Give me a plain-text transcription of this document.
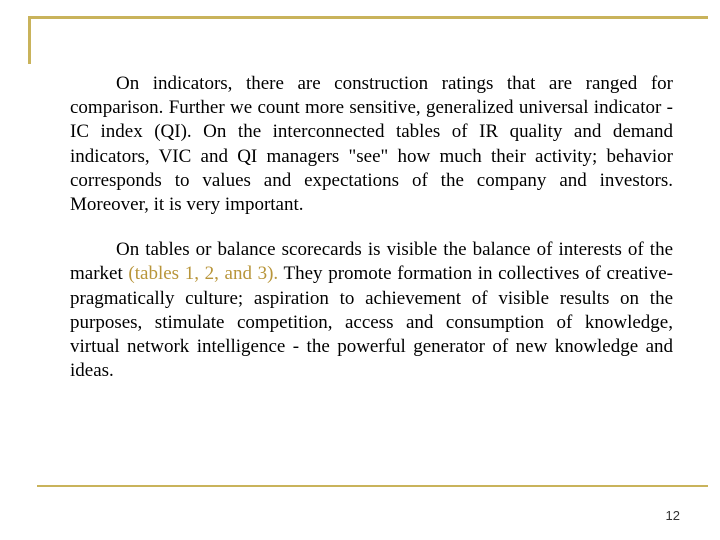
On indicators, there are construction ratings that are ranged for comparison. Further we count more sensitive, generalized universal indicator - IC index (QI). On the interconnected tables of IR quality and demand indicators, VIC and QI managers "see" how much their activity; behavior corresponds to values and expectations of the company and investors. Moreover, it is very important.

On tables or balance scorecards is visible the balance of interests of the market (tables 1, 2, and 3). They promote formation in collectives of creative-pragmatically culture; aspiration to achievement of visible results on the purposes, stimulate competition, access and consumption of knowledge, virtual network intelligence - the powerful generator of new knowledge and ideas.

12
